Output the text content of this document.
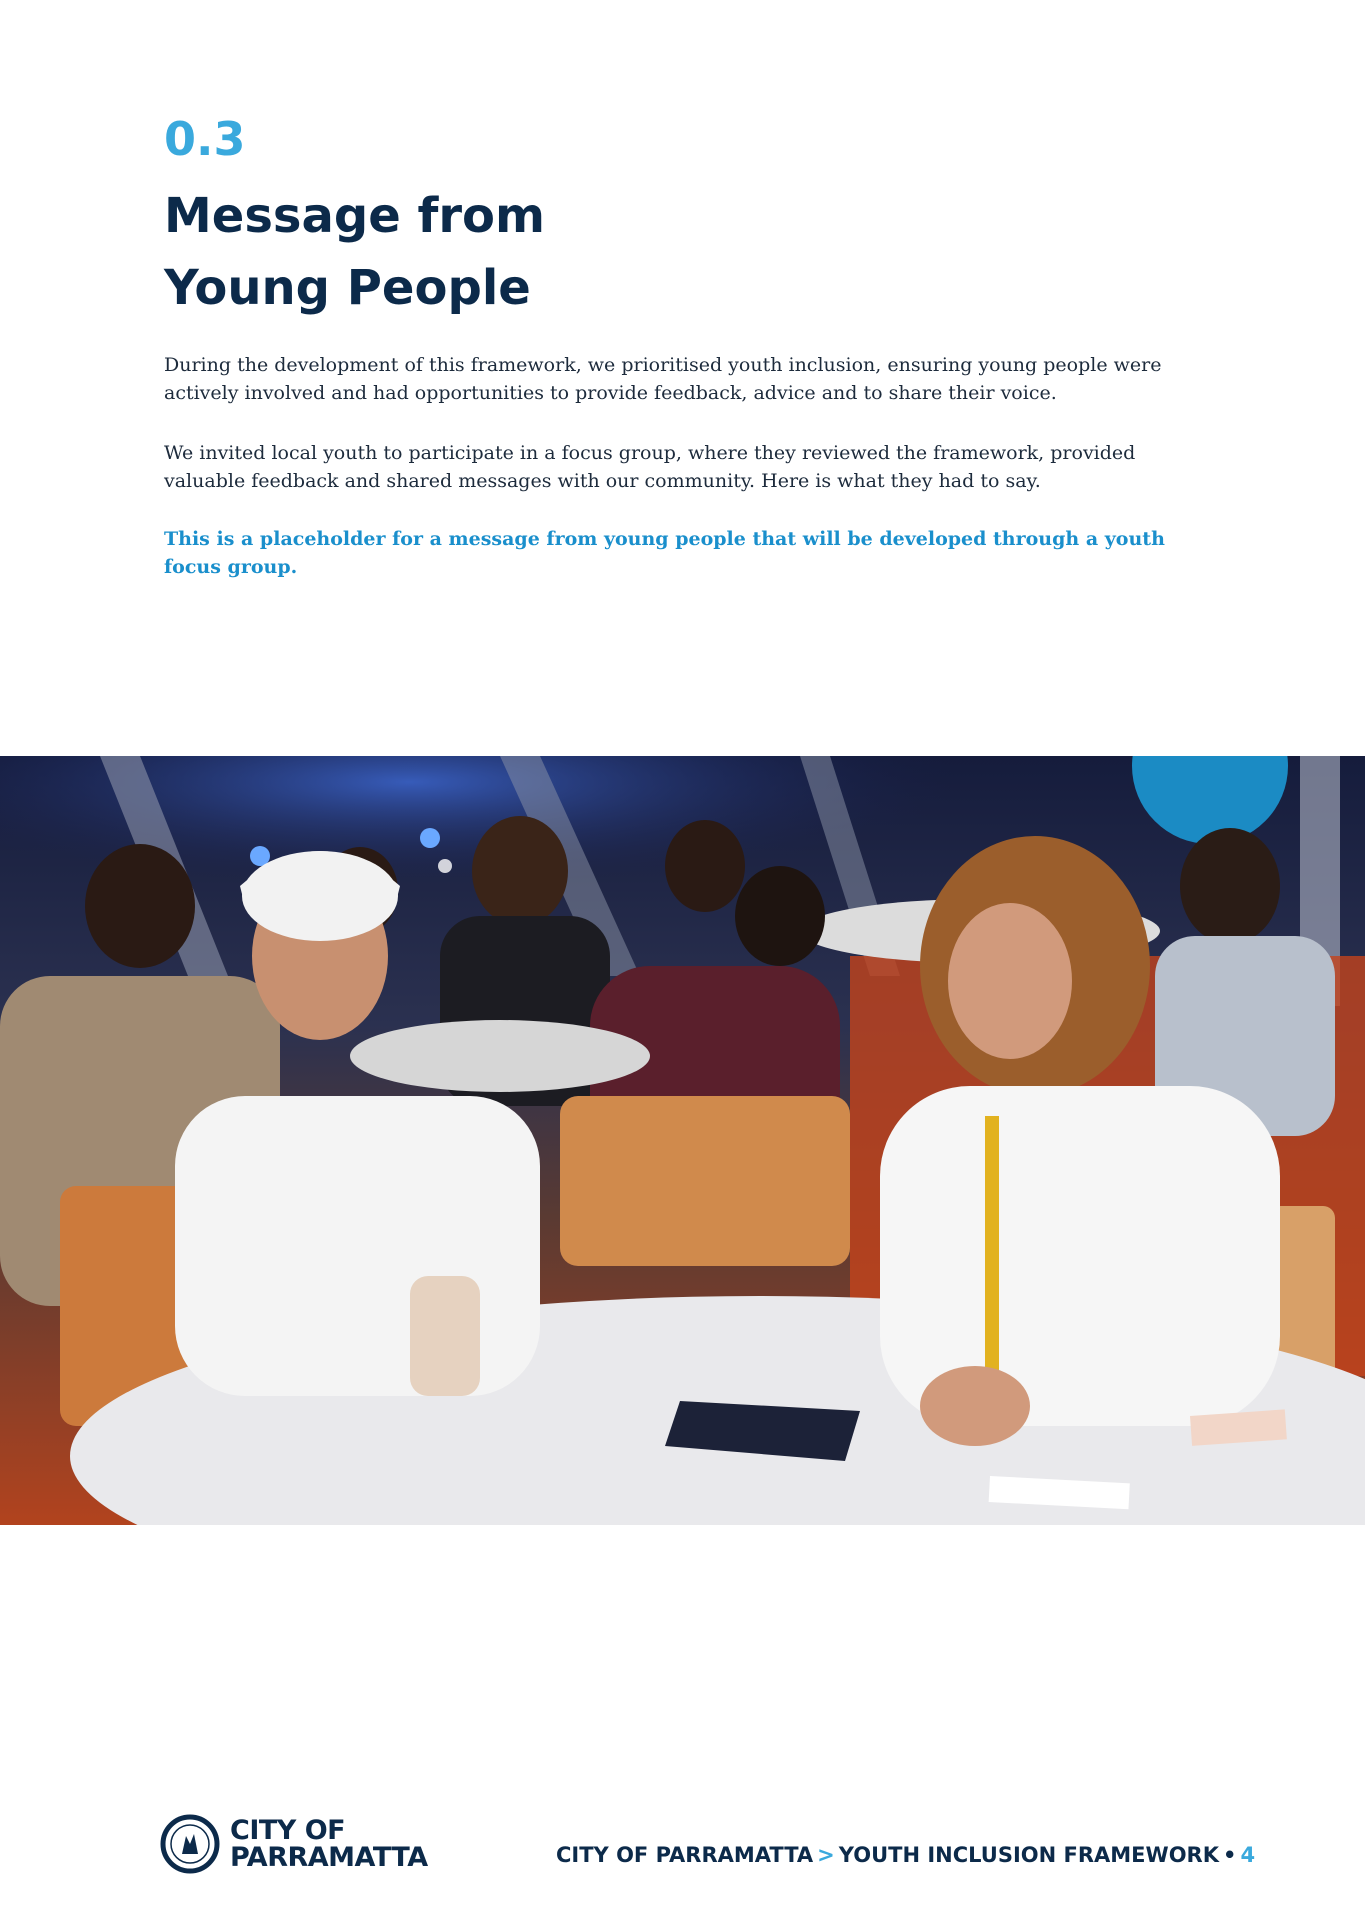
0.3

Message from
Young People

During the development of this framework, we prioritised youth inclusion, ensuring young people were actively involved and had opportunities to provide feedback, advice and to share their voice.

We invited local youth to participate in a focus group, where they reviewed the framework, provided valuable feedback and shared messages with our community. Here is what they had to say.

This is a placeholder for a message from young people that will be developed through a youth focus group.

CITY OF
PARRAMATTA	CITY OF PARRAMATTA > YOUTH INCLUSION FRAMEWORK • 4
